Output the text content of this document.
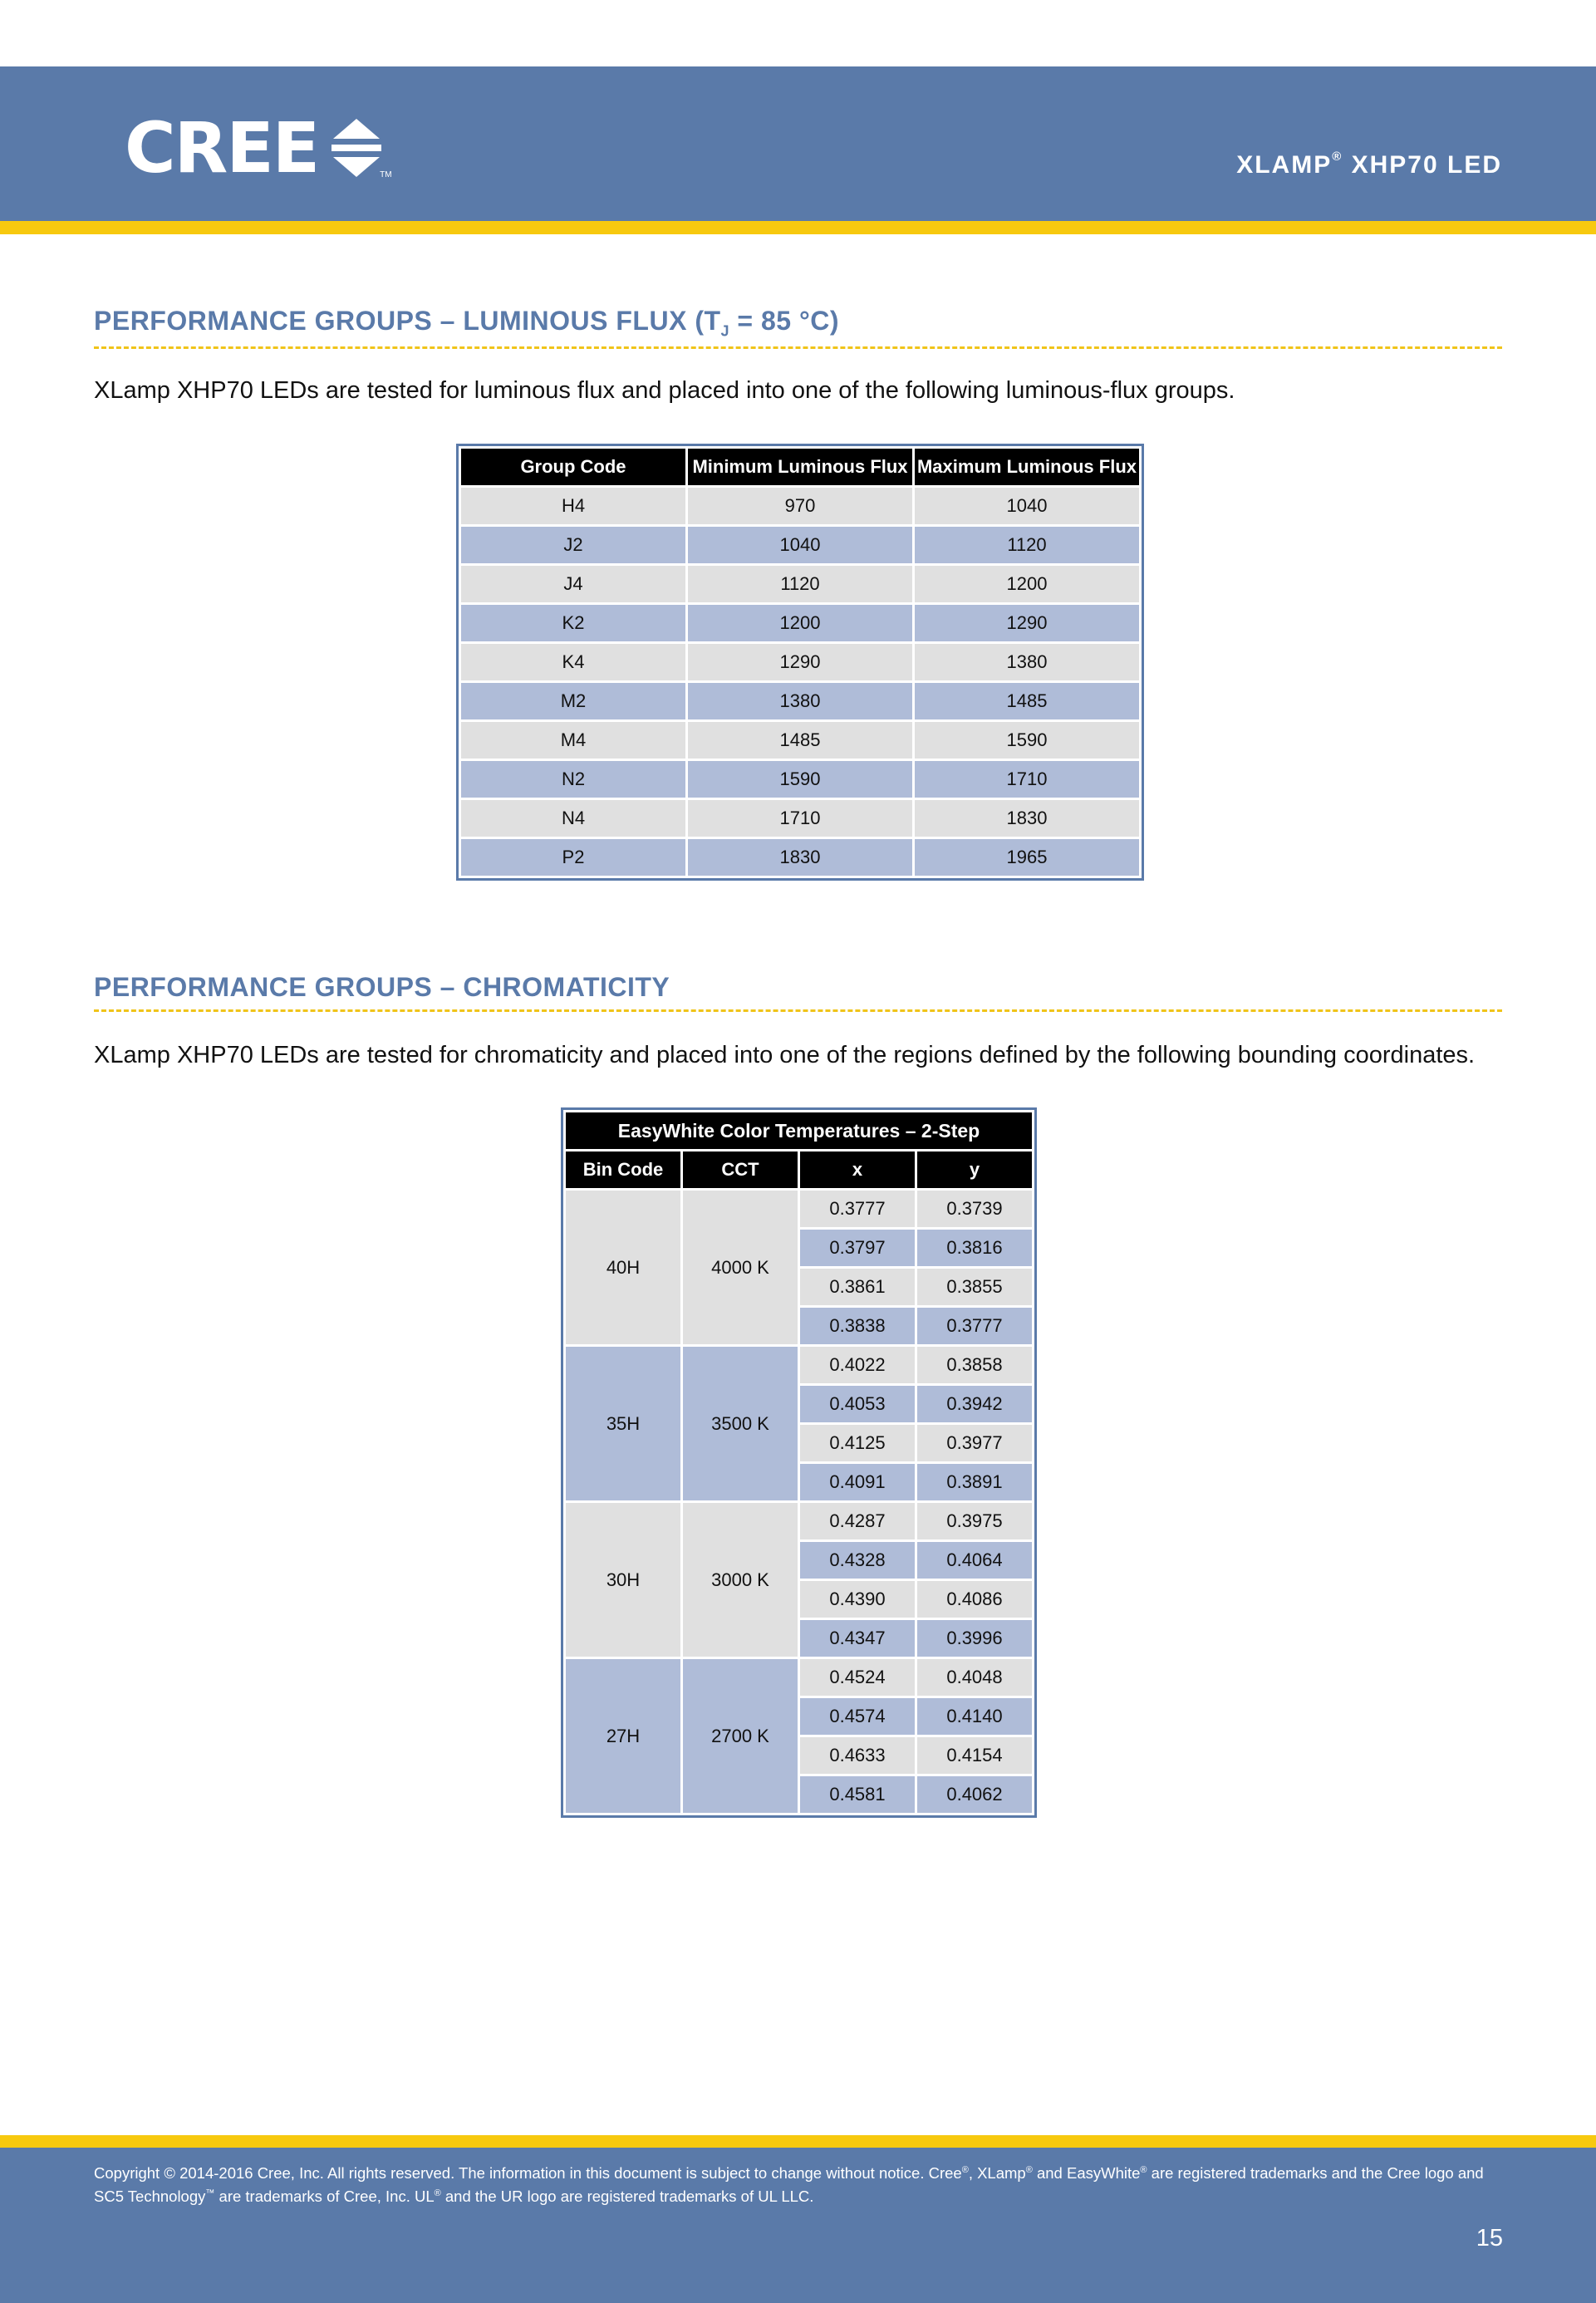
CREE	TM	XLAMP® XHP70 LED
PERFORMANCE GROUPS – LUMINOUS FLUX ($T_J = 85$ °C)
XLamp XHP70 LEDs are tested for luminous flux and placed into one of the following luminous-flux groups.
Group Code	Minimum Luminous Flux	Maximum Luminous Flux
H4	970	1040
J2	1040	1120
J4	1120	1200
K2	1200	1290
K4	1290	1380
M2	1380	1485
M4	1485	1590
N2	1590	1710
N4	1710	1830
P2	1830	1965
PERFORMANCE GROUPS – CHROMATICITY
XLamp XHP70 LEDs are tested for chromaticity and placed into one of the regions defined by the following bounding coordinates.
EasyWhite Color Temperatures – 2-Step			
Bin Code	CCT	x	y
40H	4000 K	0.3777	0.3739
		0.3797	0.3816
		0.3861	0.3855
		0.3838	0.3777
35H	3500 K	0.4022	0.3858
		0.4053	0.3942
		0.4125	0.3977
		0.4091	0.3891
30H	3000 K	0.4287	0.3975
		0.4328	0.4064
		0.4390	0.4086
		0.4347	0.3996
27H	2700 K	0.4524	0.4048
		0.4574	0.4140
		0.4633	0.4154
		0.4581	0.4062
Copyright © 2014-2016 Cree, Inc. All rights reserved. The information in this document is subject to change without notice. Cree®, XLamp® and EasyWhite® are registered trademarks and the Cree logo and
SC5 Technology™ are trademarks of Cree, Inc. UL® and the UR logo are registered trademarks of UL LLC.
15
